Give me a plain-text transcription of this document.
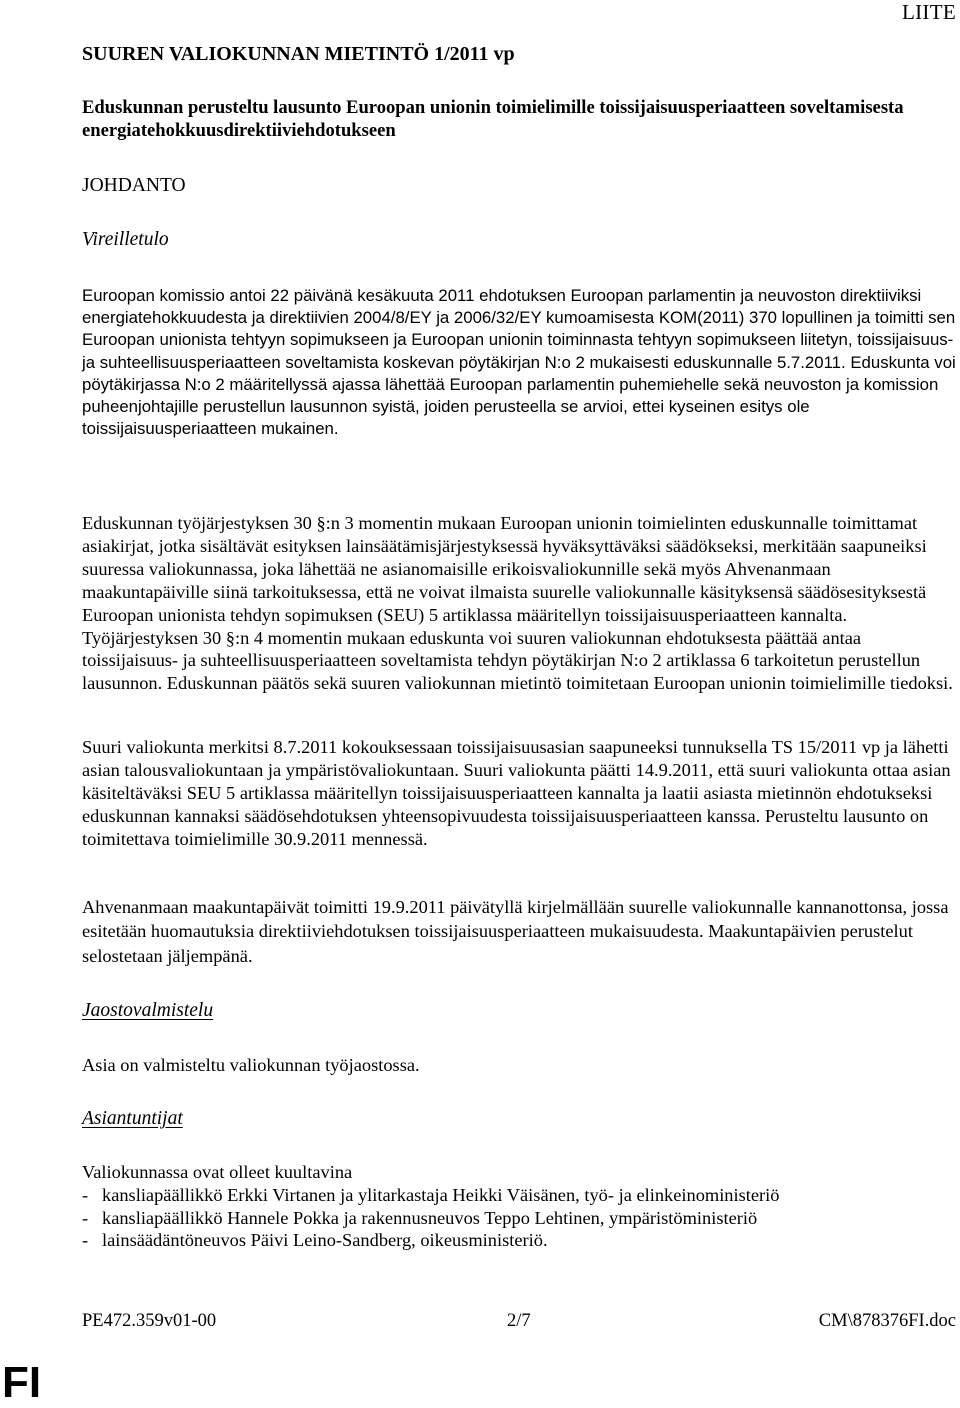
LIITE
SUUREN VALIOKUNNAN MIETINTÖ 1/2011 vp
Eduskunnan perusteltu lausunto Euroopan unionin toimielimille toissijaisuusperiaatteen soveltamisesta energiatehokkuusdirektiiviehdotukseen
JOHDANTO
Vireilletulo

Euroopan komissio antoi 22 päivänä kesäkuuta 2011 ehdotuksen Euroopan parlamentin ja neuvoston direktiiviksi energiatehokkuudesta ja direktiivien 2004/8/EY ja 2006/32/EY kumoamisesta KOM(2011) 370 lopullinen ja toimitti sen Euroopan unionista tehtyyn sopimukseen ja Euroopan unionin toiminnasta tehtyyn sopimukseen liitetyn, toissijaisuus- ja suhteellisuusperiaatteen soveltamista koskevan pöytäkirjan N:o 2 mukaisesti eduskunnalle 5.7.2011. Eduskunta voi pöytäkirjassa N:o 2 määritellyssä ajassa lähettää Euroopan parlamentin puhemiehelle sekä neuvoston ja komission puheenjohtajille perustellun lausunnon syistä, joiden perusteella se arvioi, ettei kyseinen esitys ole toissijaisuusperiaatteen mukainen.

Eduskunnan työjärjestyksen 30 §:n 3 momentin mukaan Euroopan unionin toimielinten eduskunnalle toimittamat asiakirjat, jotka sisältävät esityksen lainsäätämisjärjestyksessä hyväksyttäväksi säädökseksi, merkitään saapuneiksi suuressa valiokunnassa, joka lähettää ne asianomaisille erikoisvaliokunnille sekä myös Ahvenanmaan maakuntapäiville siinä tarkoituksessa, että ne voivat ilmaista suurelle valiokunnalle käsityksensä säädösesityksestä Euroopan unionista tehdyn sopimuksen (SEU) 5 artiklassa määritellyn toissijaisuusperiaatteen kannalta. Työjärjestyksen 30 §:n 4 momentin mukaan eduskunta voi suuren valiokunnan ehdotuksesta päättää antaa toissijaisuus- ja suhteellisuusperiaatteen soveltamista tehdyn pöytäkirjan N:o 2 artiklassa 6 tarkoitetun perustellun lausunnon. Eduskunnan päätös sekä suuren valiokunnan mietintö toimitetaan Euroopan unionin toimielimille tiedoksi.

Suuri valiokunta merkitsi 8.7.2011 kokouksessaan toissijaisuusasian saapuneeksi tunnuksella TS 15/2011 vp ja lähetti asian talousvaliokuntaan ja ympäristövaliokuntaan. Suuri valiokunta päätti 14.9.2011, että suuri valiokunta ottaa asian käsiteltäväksi SEU 5 artiklassa määritellyn toissijaisuusperiaatteen kannalta ja laatii asiasta mietinnön ehdotukseksi eduskunnan kannaksi säädösehdotuksen yhteensopivuudesta toissijaisuusperiaatteen kanssa. Perusteltu lausunto on toimitettava toimielimille 30.9.2011 mennessä.

Ahvenanmaan maakuntapäivät toimitti 19.9.2011 päivätyllä kirjelmällään suurelle valiokunnalle kannanottonsa, jossa esitetään huomautuksia direktiiviehdotuksen toissijaisuusperiaatteen mukaisuudesta. Maakuntapäivien perustelut selostetaan jäljempänä.

Jaostovalmistelu

Asia on valmisteltu valiokunnan työjaostossa.

Asiantuntijat

Valiokunnassa ovat olleet kuultavina

- kansliapäällikkö Erkki Virtanen ja ylitarkastaja Heikki Väisänen, työ- ja elinkeinoministeriö
- kansliapäällikkö Hannele Pokka ja rakennusneuvos Teppo Lehtinen, ympäristöministeriö
- lainsäädäntöneuvos Päivi Leino-Sandberg, oikeusministeriö.
PE472.359v01-00	2/7	CM\878376FI.doc
FI
